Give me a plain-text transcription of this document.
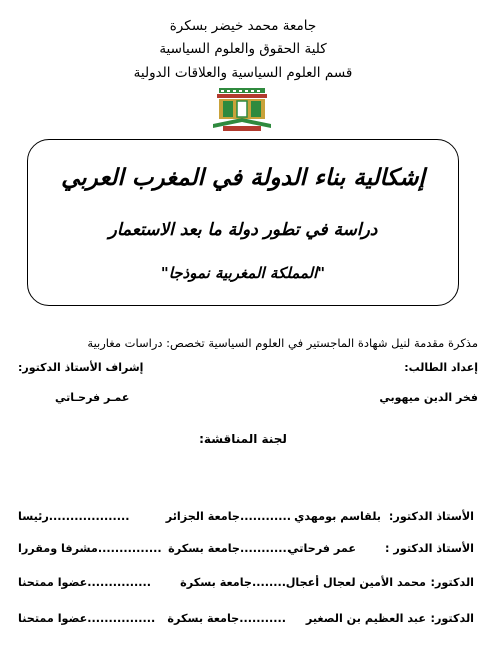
جامعة محمد خيضر بسكرة
كلية الحقوق والعلوم السياسية
قسم العلوم السياسية والعلاقات الدولية
إشكالية بناء الدولة في المغرب العربي
دراسة في تطور دولة ما بعد الاستعمار
"المملكة المغربية نموذجا"
مذكرة مقدمة لنيل شهادة الماجستير في العلوم السياسية تخصص: دراسات مغاربية
إعداد الطالب:
إشراف الأستاذ الدكتور:
فخر الدين ميهوبي
عمـر فرحـاتي
لجنة المناقشة:
الأستاذ الدكتور:
بلقاسم بومهدي
............جامعة الجزائر
...................رئيسا
الأستاذ الدكتور :
عمر فرحاتي
............جامعة بسكرة
...............مشرفا ومقررا
الدكتور:
محمد الأمين لعجال أعجال
........جامعة بسكرة
...............عضوا ممتحنا
الدكتور:
عبد العظيم بن الصغير
...........جامعة بسكرة
................عضوا ممتحنا
